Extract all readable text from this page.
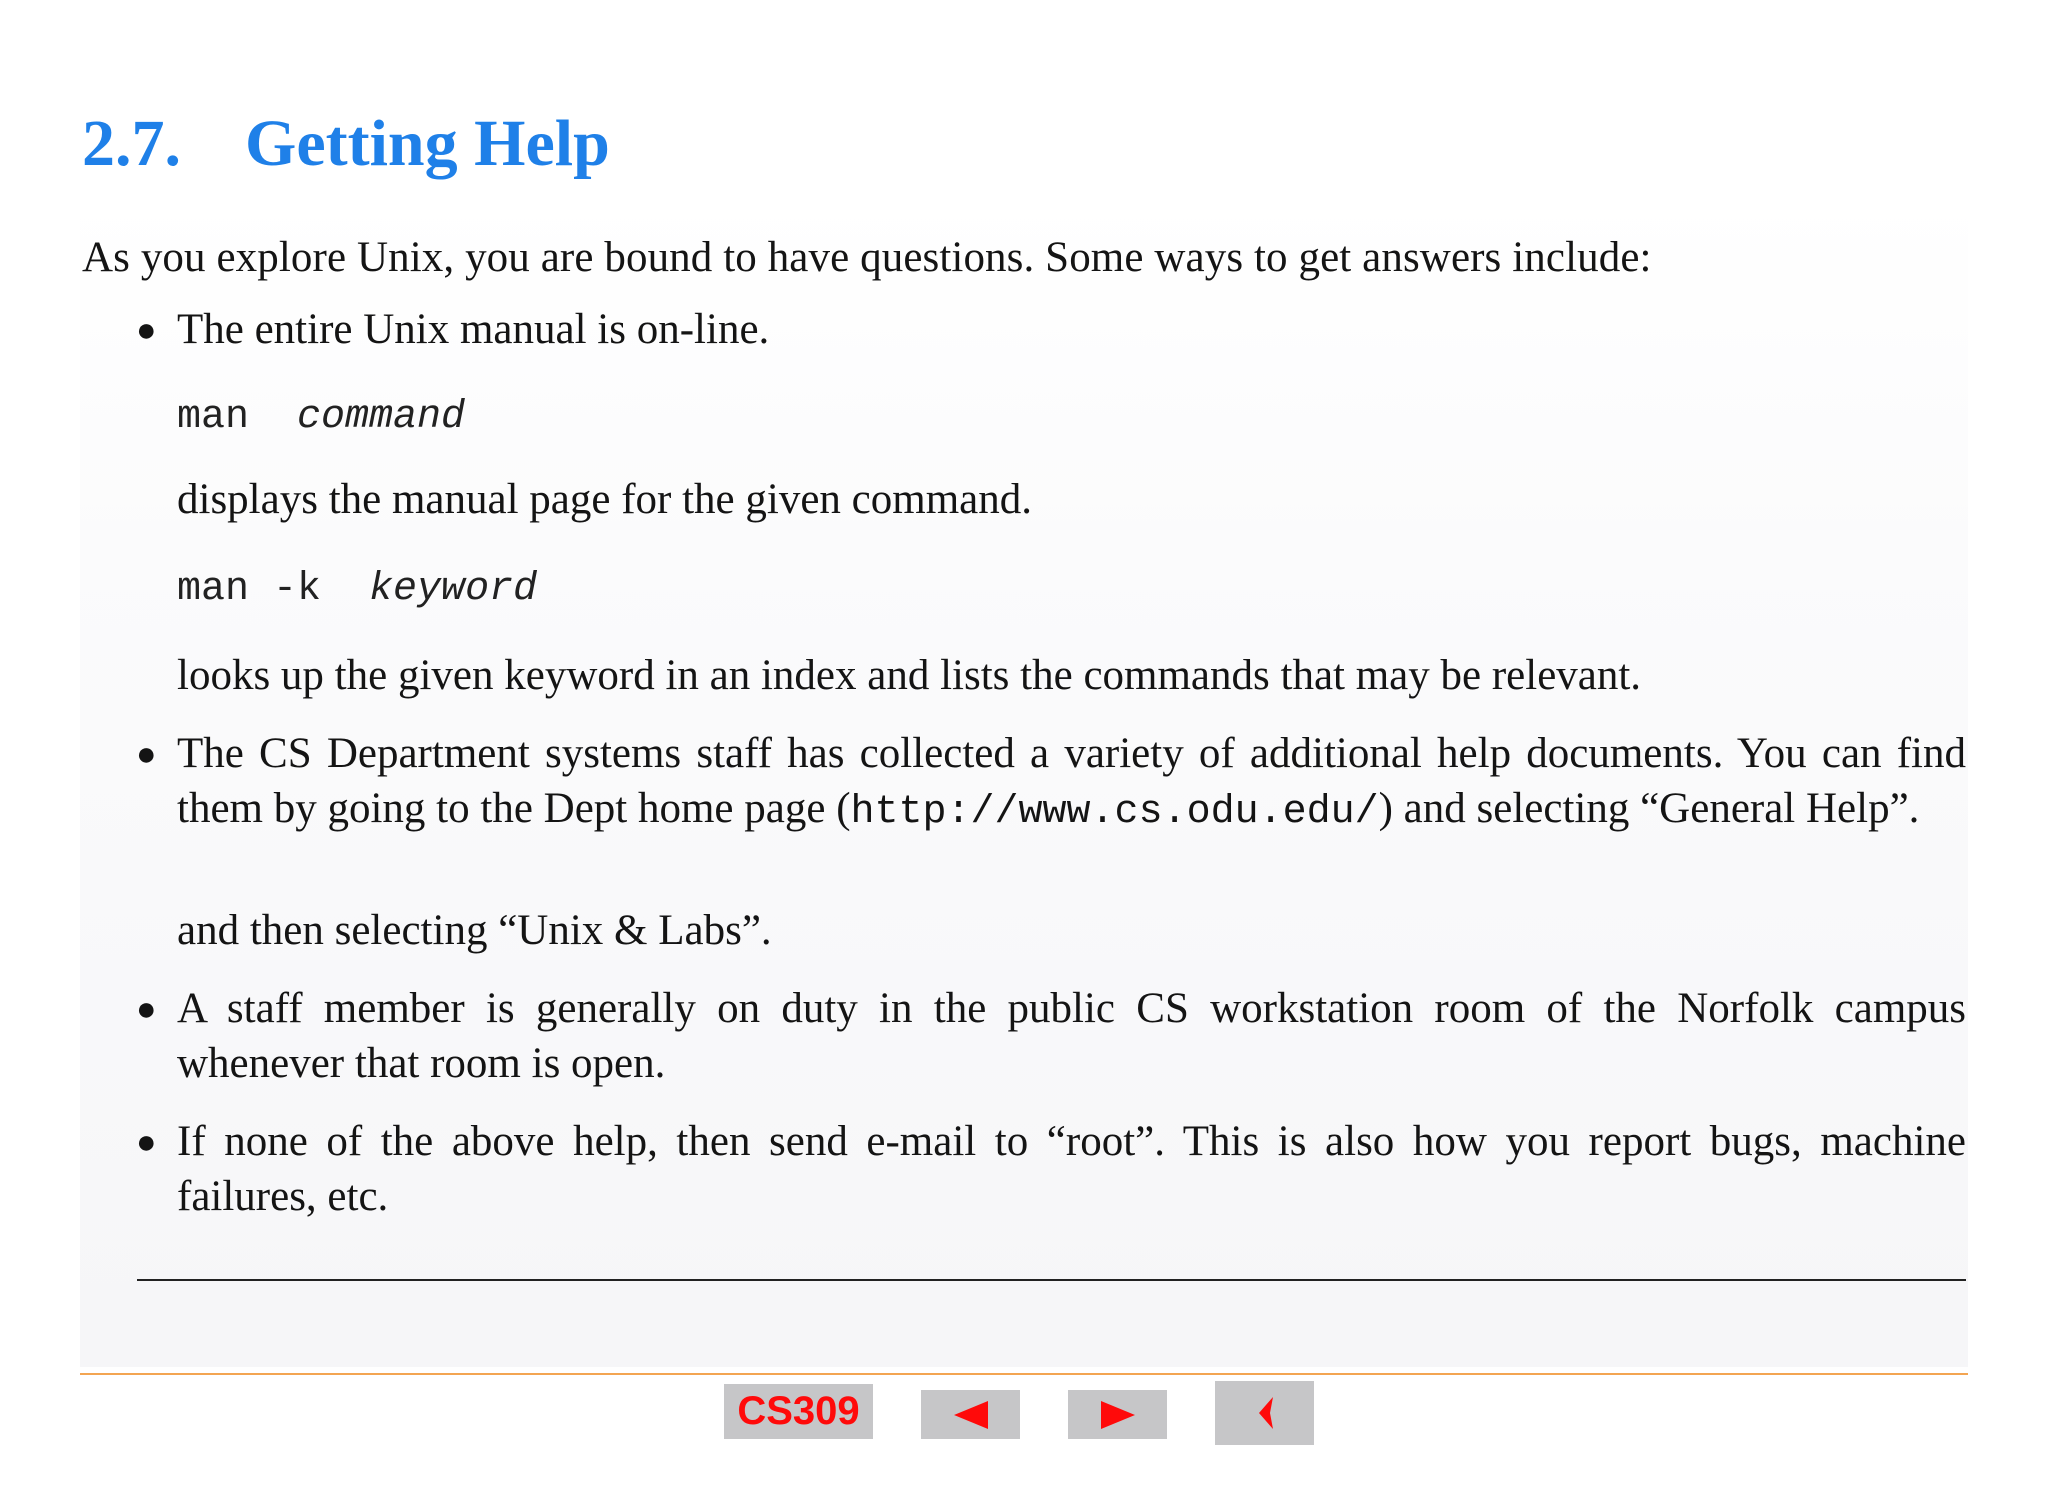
2.7. Getting Help
As you explore Unix, you are bound to have questions. Some ways to get answers include:
● The entire Unix manual is on-line.
man command
displays the manual page for the given command.
man -k keyword
looks up the given keyword in an index and lists the commands that may be relevant.
● The CS Department systems staff has collected a variety of additional help documents. You can find them by going to the Dept home page (http://www.cs.odu.edu/) and selecting “General Help”.
and then selecting “Unix & Labs”.
● A staff member is generally on duty in the public CS workstation room of the Norfolk campus whenever that room is open.
● If none of the above help, then send e-mail to “root”. This is also how you report bugs, machine failures, etc.
CS309
